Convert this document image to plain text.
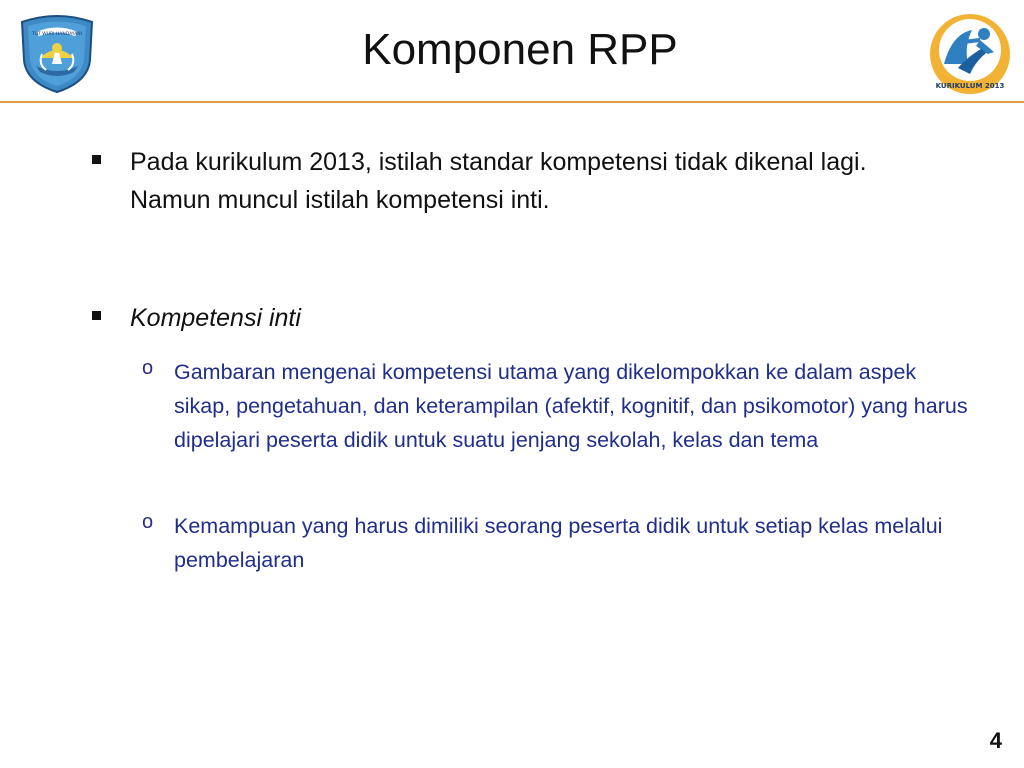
TUT WURI HANDAYANI	Komponen RPP
KURIKULUM 2013
Pada kurikulum 2013, istilah standar kompetensi tidak dikenal lagi. Namun muncul istilah kompetensi inti.
Kompetensi inti
o Gambaran mengenai kompetensi utama yang dikelompokkan ke dalam aspek sikap, pengetahuan, dan keterampilan (afektif, kognitif, dan psikomotor) yang harus dipelajari peserta didik untuk suatu jenjang sekolah, kelas dan tema
o Kemampuan yang harus dimiliki seorang peserta didik untuk setiap kelas melalui pembelajaran
4
